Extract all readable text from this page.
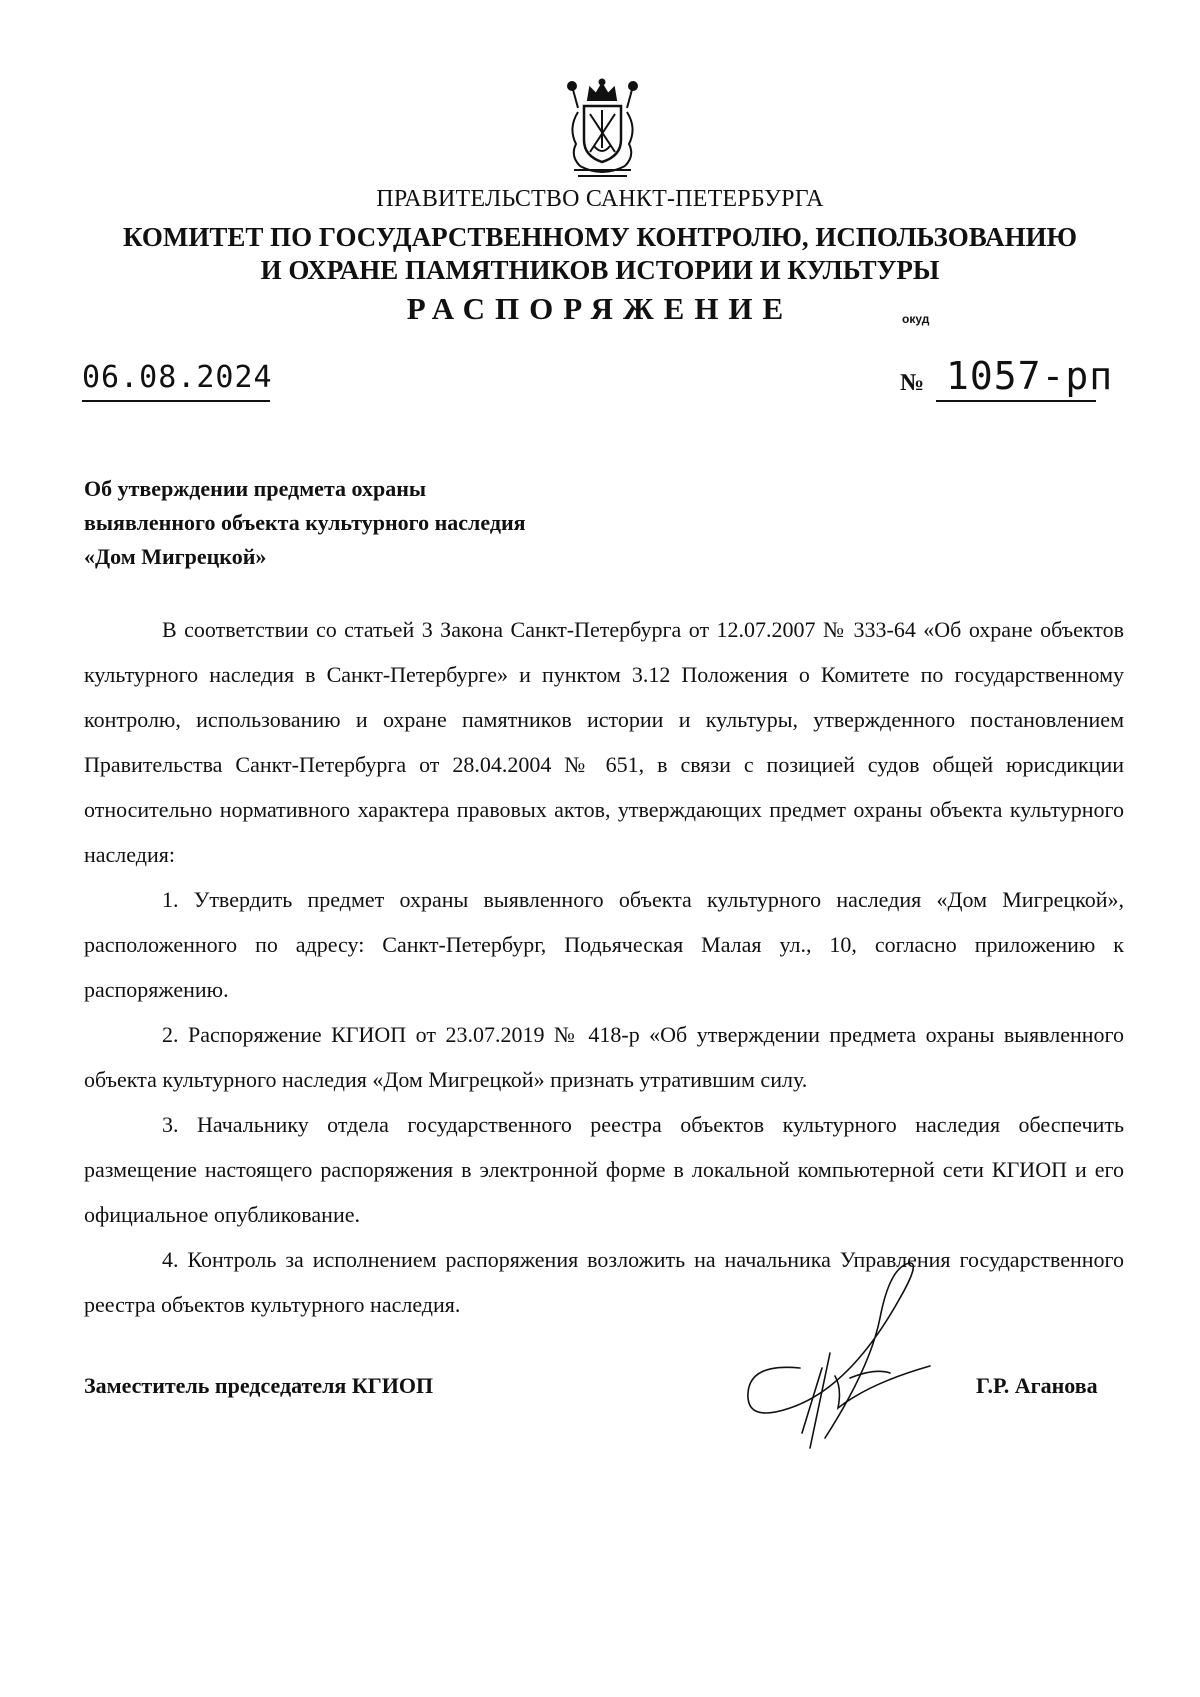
ПРАВИТЕЛЬСТВО САНКТ-ПЕТЕРБУРГА
КОМИТЕТ ПО ГОСУДАРСТВЕННОМУ КОНТРОЛЮ, ИСПОЛЬЗОВАНИЮ
И ОХРАНЕ ПАМЯТНИКОВ ИСТОРИИ И КУЛЬТУРЫ
РАСПОРЯЖЕНИЕ	окуд
06.08.2024	№ 1057-рп
Об утверждении предмета охраны
выявленного объекта культурного наследия
«Дом Мигрецкой»

В соответствии со статьей 3 Закона Санкт-Петербурга от 12.07.2007 № 333-64 «Об охране объектов культурного наследия в Санкт-Петербурге» и пунктом 3.12 Положения о Комитете по государственному контролю, использованию и охране памятников истории и культуры, утвержденного постановлением Правительства Санкт-Петербурга от 28.04.2004 № 651, в связи с позицией судов общей юрисдикции относительно нормативного характера правовых актов, утверждающих предмет охраны объекта культурного наследия:

1. Утвердить предмет охраны выявленного объекта культурного наследия «Дом Мигрецкой», расположенного по адресу: Санкт-Петербург, Подьяческая Малая ул., 10, согласно приложению к распоряжению.

2. Распоряжение КГИОП от 23.07.2019 № 418-р «Об утверждении предмета охраны выявленного объекта культурного наследия «Дом Мигрецкой» признать утратившим силу.

3. Начальнику отдела государственного реестра объектов культурного наследия обеспечить размещение настоящего распоряжения в электронной форме в локальной компьютерной сети КГИОП и его официальное опубликование.

4. Контроль за исполнением распоряжения возложить на начальника Управления государственного реестра объектов культурного наследия.

Заместитель председателя КГИОП	Г.Р. Аганова
